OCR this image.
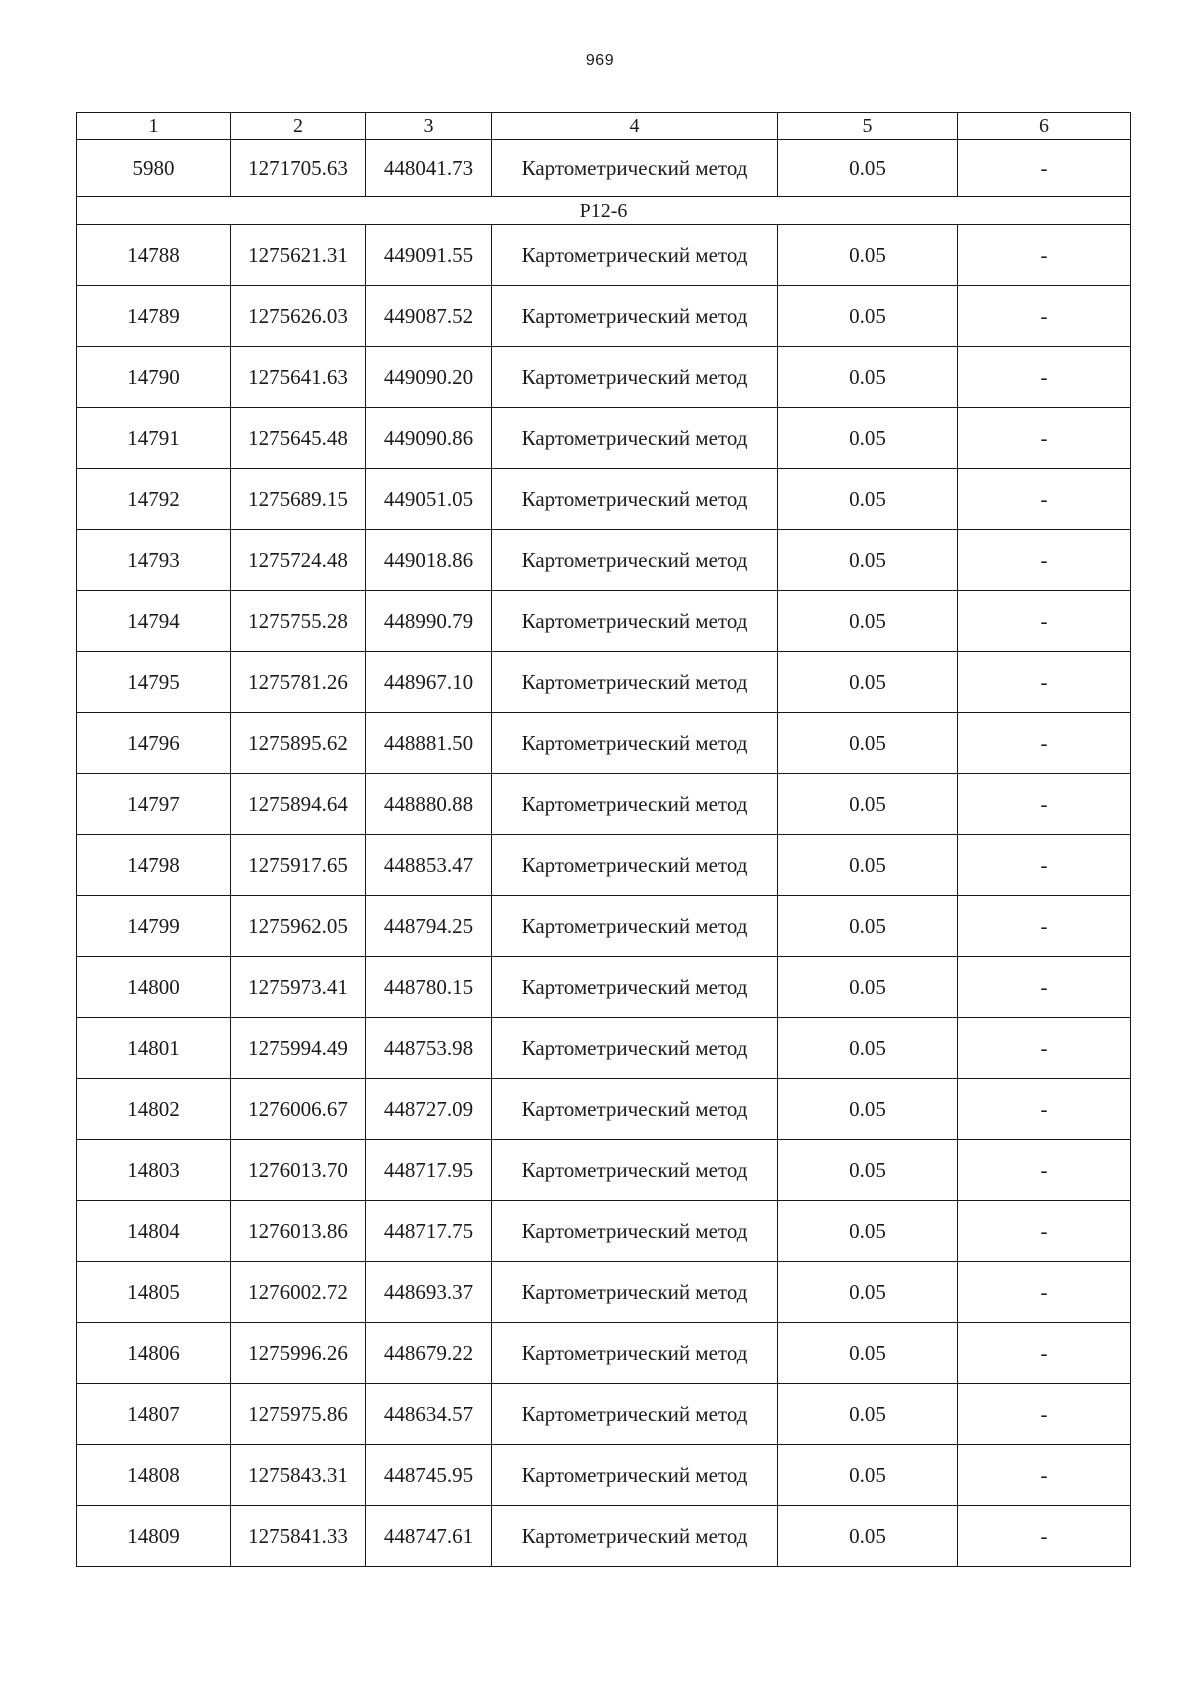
969
1	2	3	4	5	6
5980	1271705.63	448041.73	Картометрический метод	0.05	-
Р12-6					
14788	1275621.31	449091.55	Картометрический метод	0.05	-
14789	1275626.03	449087.52	Картометрический метод	0.05	-
14790	1275641.63	449090.20	Картометрический метод	0.05	-
14791	1275645.48	449090.86	Картометрический метод	0.05	-
14792	1275689.15	449051.05	Картометрический метод	0.05	-
14793	1275724.48	449018.86	Картометрический метод	0.05	-
14794	1275755.28	448990.79	Картометрический метод	0.05	-
14795	1275781.26	448967.10	Картометрический метод	0.05	-
14796	1275895.62	448881.50	Картометрический метод	0.05	-
14797	1275894.64	448880.88	Картометрический метод	0.05	-
14798	1275917.65	448853.47	Картометрический метод	0.05	-
14799	1275962.05	448794.25	Картометрический метод	0.05	-
14800	1275973.41	448780.15	Картометрический метод	0.05	-
14801	1275994.49	448753.98	Картометрический метод	0.05	-
14802	1276006.67	448727.09	Картометрический метод	0.05	-
14803	1276013.70	448717.95	Картометрический метод	0.05	-
14804	1276013.86	448717.75	Картометрический метод	0.05	-
14805	1276002.72	448693.37	Картометрический метод	0.05	-
14806	1275996.26	448679.22	Картометрический метод	0.05	-
14807	1275975.86	448634.57	Картометрический метод	0.05	-
14808	1275843.31	448745.95	Картометрический метод	0.05	-
14809	1275841.33	448747.61	Картометрический метод	0.05	-
